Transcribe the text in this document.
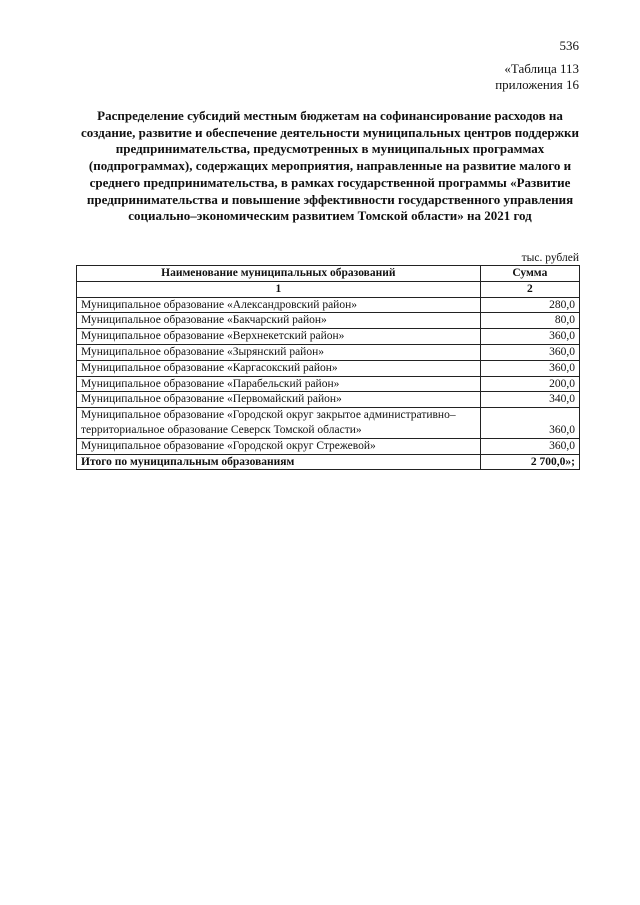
536
«Таблица 113
приложения 16
Распределение субсидий местным бюджетам на софинансирование расходов на создание, развитие и обеспечение деятельности муниципальных центров поддержки предпринимательства, предусмотренных в муниципальных программах (подпрограммах), содержащих мероприятия, направленные на развитие малого и среднего предпринимательства, в рамках государственной программы «Развитие предпринимательства и повышение эффективности государственного управления социально–экономическим развитием Томской области» на 2021 год
тыс. рублей
Наименование муниципальных образований	Сумма
1	2
Муниципальное образование «Александровский район»	280,0
Муниципальное образование «Бакчарский район»	80,0
Муниципальное образование «Верхнекетский район»	360,0
Муниципальное образование «Зырянский район»	360,0
Муниципальное образование «Каргасокский район»	360,0
Муниципальное образование «Парабельский район»	200,0
Муниципальное образование «Первомайский район»	340,0
Муниципальное образование «Городской округ закрытое административно–территориальное образование Северск Томской области»	360,0
Муниципальное образование «Городской округ Стрежевой»	360,0
Итого по муниципальным образованиям	2 700,0»;
